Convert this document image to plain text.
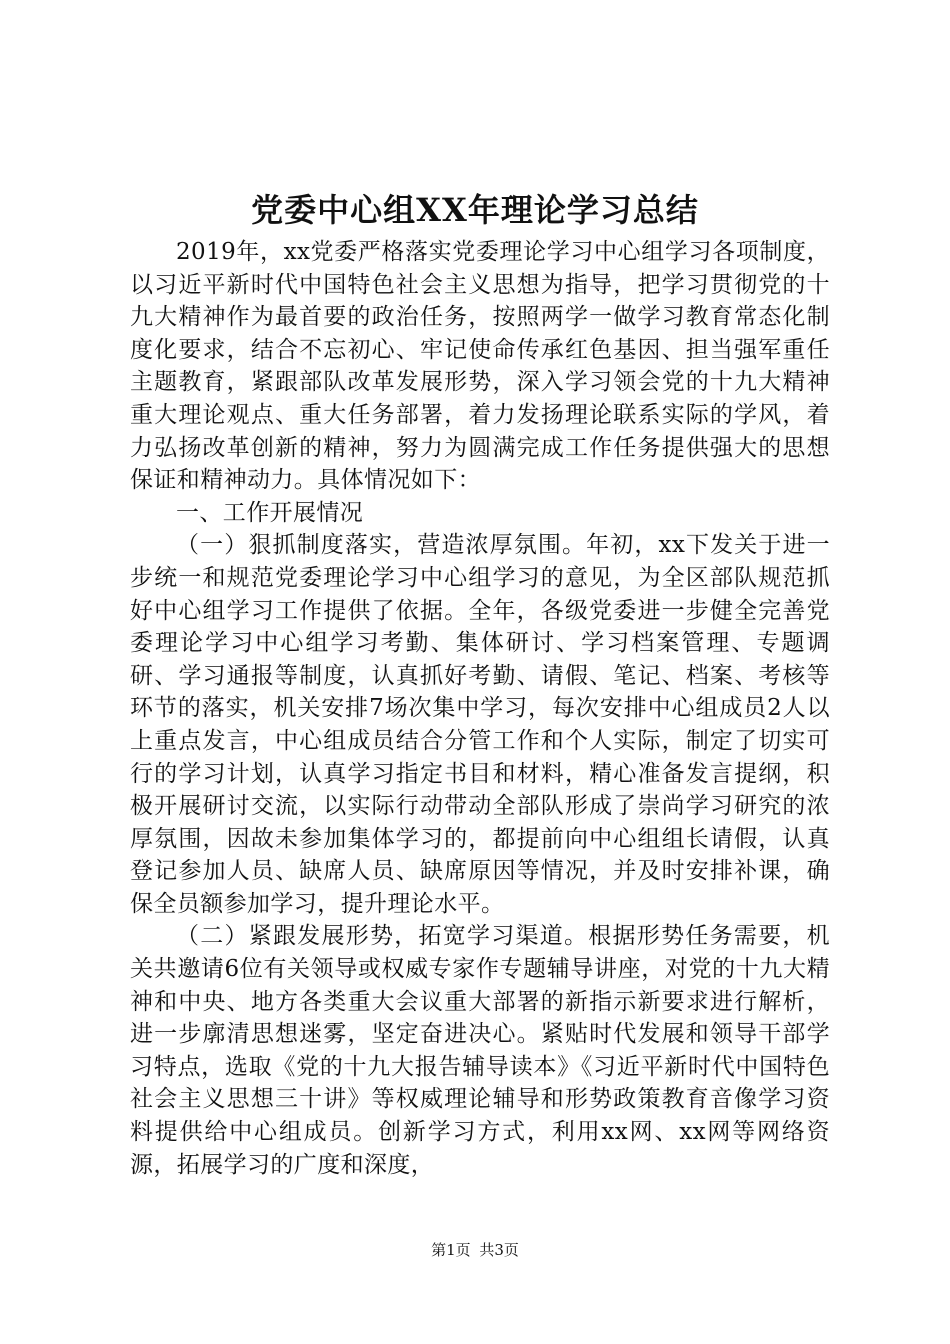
党委中心组XX年理论学习总结

2019年，xx党委严格落实党委理论学习中心组学习各项制度，以习近平新时代中国特色社会主义思想为指导，把学习贯彻党的十九大精神作为最首要的政治任务，按照两学一做学习教育常态化制度化要求，结合不忘初心、牢记使命传承红色基因、担当强军重任主题教育，紧跟部队改革发展形势，深入学习领会党的十九大精神重大理论观点、重大任务部署，着力发扬理论联系实际的学风，着力弘扬改革创新的精神，努力为圆满完成工作任务提供强大的思想保证和精神动力。具体情况如下：

一、工作开展情况

（一）狠抓制度落实，营造浓厚氛围。年初，xx下发关于进一步统一和规范党委理论学习中心组学习的意见，为全区部队规范抓好中心组学习工作提供了依据。全年，各级党委进一步健全完善党委理论学习中心组学习考勤、集体研讨、学习档案管理、专题调研、学习通报等制度，认真抓好考勤、请假、笔记、档案、考核等环节的落实，机关安排7场次集中学习，每次安排中心组成员2人以上重点发言，中心组成员结合分管工作和个人实际，制定了切实可行的学习计划，认真学习指定书目和材料，精心准备发言提纲，积极开展研讨交流，以实际行动带动全部队形成了崇尚学习研究的浓厚氛围，因故未参加集体学习的，都提前向中心组组长请假，认真登记参加人员、缺席人员、缺席原因等情况，并及时安排补课，确保全员额参加学习，提升理论水平。

（二）紧跟发展形势，拓宽学习渠道。根据形势任务需要，机关共邀请6位有关领导或权威专家作专题辅导讲座，对党的十九大精神和中央、地方各类重大会议重大部署的新指示新要求进行解析，进一步廓清思想迷雾，坚定奋进决心。紧贴时代发展和领导干部学习特点，选取《党的十九大报告辅导读本》《习近平新时代中国特色社会主义思想三十讲》等权威理论辅导和形势政策教育音像学习资料提供给中心组成员。创新学习方式，利用xx网、xx网等网络资源，拓展学习的广度和深度，

第1页 共3页
